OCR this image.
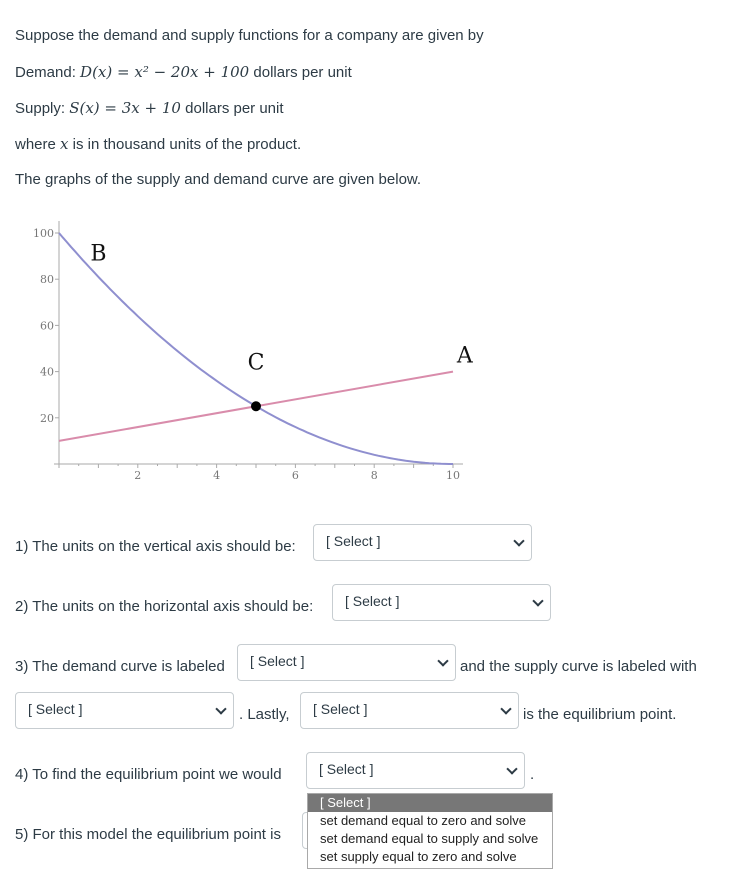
Suppose the demand and supply functions for a company are given by
Demand: D(x) = x² − 20x + 100 dollars per unit
Supply: S(x) = 3x + 10 dollars per unit
where x is in thousand units of the product.
The graphs of the supply and demand curve are given below.
2	4	6	8	10
20
40
60
80
100
B
C	A
1) The units on the vertical axis should be:	[ Select ]
2) The units on the horizontal axis should be:	[ Select ]
3) The demand curve is labeled	[ Select ]	and the supply curve is labeled with
[ Select ]	. Lastly,	[ Select ]	is the equilibrium point.
4) To find the equilibrium point we would	[ Select ]	.
5) For this model the equilibrium point is
[ Select ]
set demand equal to zero and solve
set demand equal to supply and solve
set supply equal to zero and solve
